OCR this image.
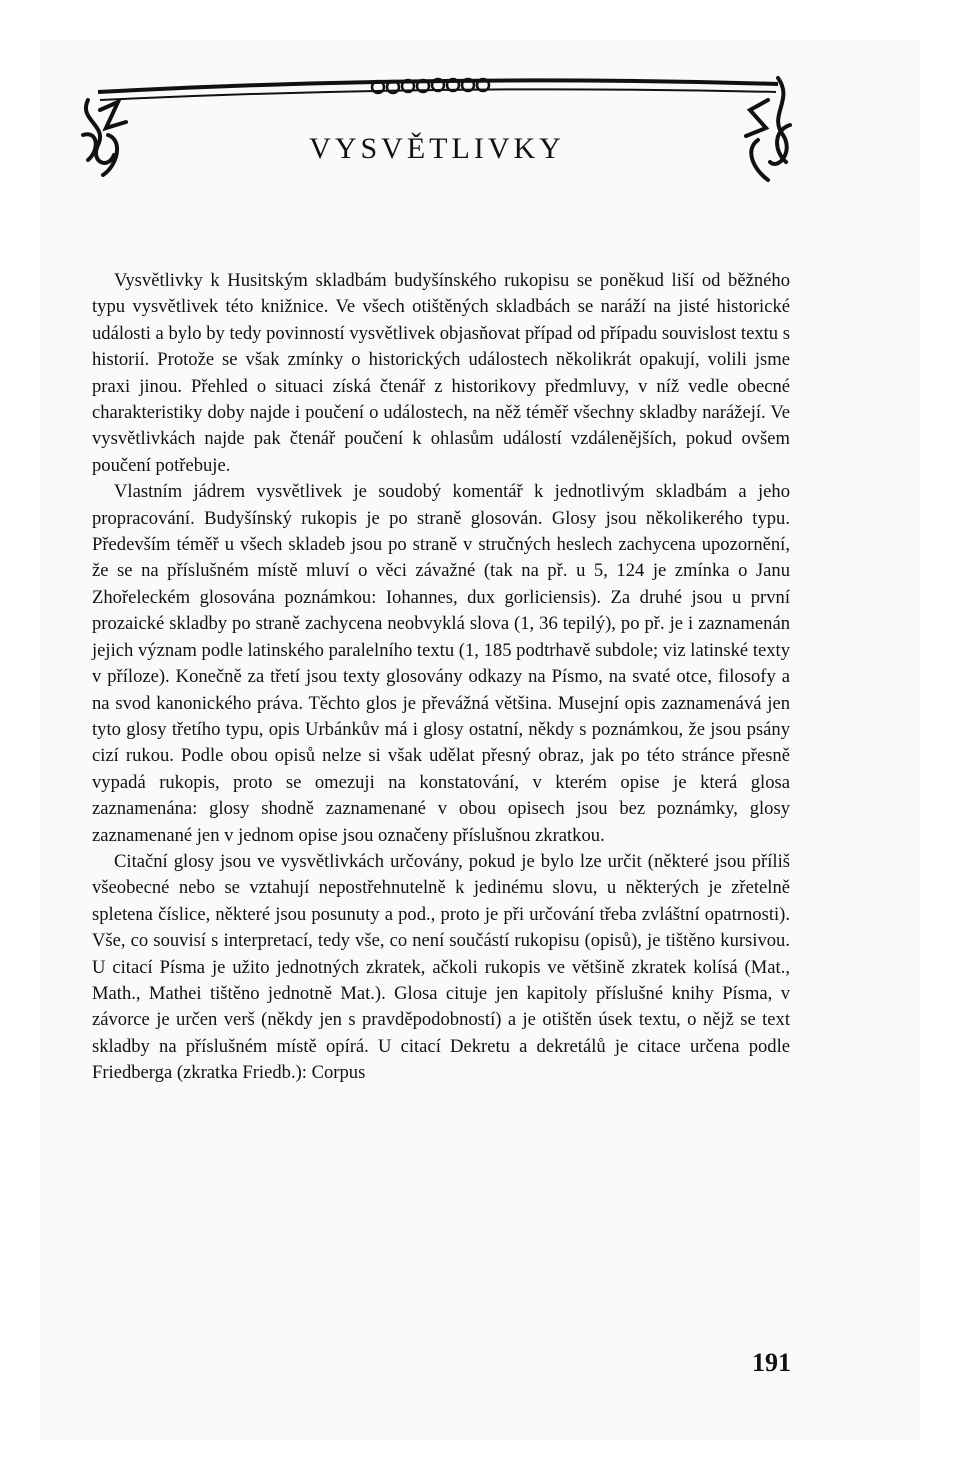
VYSVĚTLIVKY

Vysvětlivky k Husitským skladbám budyšínského rukopisu se poněkud liší od běžného typu vysvětlivek této knižnice. Ve všech otištěných skladbách se naráží na jisté historické události a bylo by tedy povinností vysvětlivek objasňovat případ od případu souvislost textu s historií. Protože se však zmínky o historických událostech několikrát opakují, volili jsme praxi jinou. Přehled o situaci získá čtenář z historikovy předmluvy, v níž vedle obecné charakteristiky doby najde i poučení o událostech, na něž téměř všechny skladby narážejí. Ve vysvětlivkách najde pak čtenář poučení k ohlasům událostí vzdálenějších, pokud ovšem poučení potřebuje.

Vlastním jádrem vysvětlivek je soudobý komentář k jednotlivým skladbám a jeho propracování. Budyšínský rukopis je po straně glosován. Glosy jsou několikerého typu. Především téměř u všech skladeb jsou po straně v stručných heslech zachycena upozornění, že se na příslušném místě mluví o věci závažné (tak na př. u 5, 124 je zmínka o Janu Zhořeleckém glosována poznámkou: Iohannes, dux gorliciensis). Za druhé jsou u první prozaické skladby po straně zachycena neobvyklá slova (1, 36 tepilý), po př. je i zaznamenán jejich význam podle latinského paralelního textu (1, 185 podtrhavě subdole; viz latinské texty v příloze). Konečně za třetí jsou texty glosovány odkazy na Písmo, na svaté otce, filosofy a na svod kanonického práva. Těchto glos je převážná většina. Musejní opis zaznamenává jen tyto glosy třetího typu, opis Urbánkův má i glosy ostatní, někdy s poznámkou, že jsou psány cizí rukou. Podle obou opisů nelze si však udělat přesný obraz, jak po této stránce přesně vypadá rukopis, proto se omezuji na konstatování, v kterém opise je která glosa zaznamenána: glosy shodně zaznamenané v obou opisech jsou bez poznámky, glosy zaznamenané jen v jednom opise jsou označeny příslušnou zkratkou.

Citační glosy jsou ve vysvětlivkách určovány, pokud je bylo lze určit (některé jsou příliš všeobecné nebo se vztahují nepostřehnutelně k jedinému slovu, u některých je zřetelně spletena číslice, některé jsou posunuty a pod., proto je při určování třeba zvláštní opatrnosti). Vše, co souvisí s interpretací, tedy vše, co není součástí rukopisu (opisů), je tištěno kursivou. U citací Písma je užito jednotných zkratek, ačkoli rukopis ve většině zkratek kolísá (Mat., Math., Mathei tištěno jednotně Mat.). Glosa cituje jen kapitoly příslušné knihy Písma, v závorce je určen verš (někdy jen s pravděpodobností) a je otištěn úsek textu, o nějž se text skladby na příslušném místě opírá. U citací Dekretu a dekretálů je citace určena podle Friedberga (zkratka Friedb.): Corpus

191
